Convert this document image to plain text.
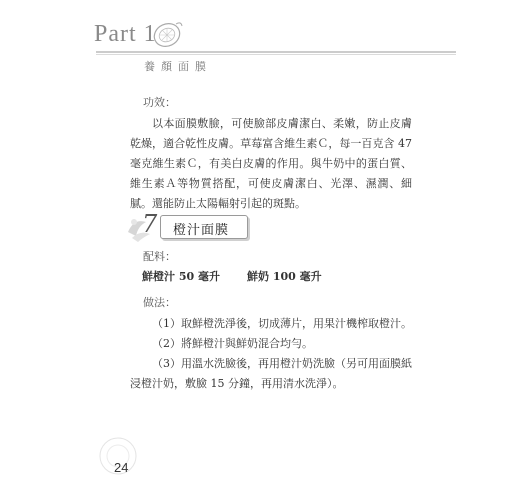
Part 1
養顏面膜
功效：

以本面膜敷臉，可使臉部皮膚潔白、柔嫩，防止皮膚乾燥，適合乾性皮膚。草莓富含維生素Ｃ，每一百克含 47 毫克維生素Ｃ，有美白皮膚的作用。與牛奶中的蛋白質、維生素Ａ等物質搭配，可使皮膚潔白、光澤、濕潤、細膩。還能防止太陽輻射引起的斑點。

7 橙汁面膜
配料：
鮮橙汁 50 毫升 鮮奶 100 毫升
做法：

（1）取鮮橙洗淨後，切成薄片，用果汁機榨取橙汁。

（2）將鮮橙汁與鮮奶混合均勻。

（3）用溫水洗臉後，再用橙汁奶洗臉（另可用面膜紙浸橙汁奶，敷臉 15 分鐘，再用清水洗淨）。

24
